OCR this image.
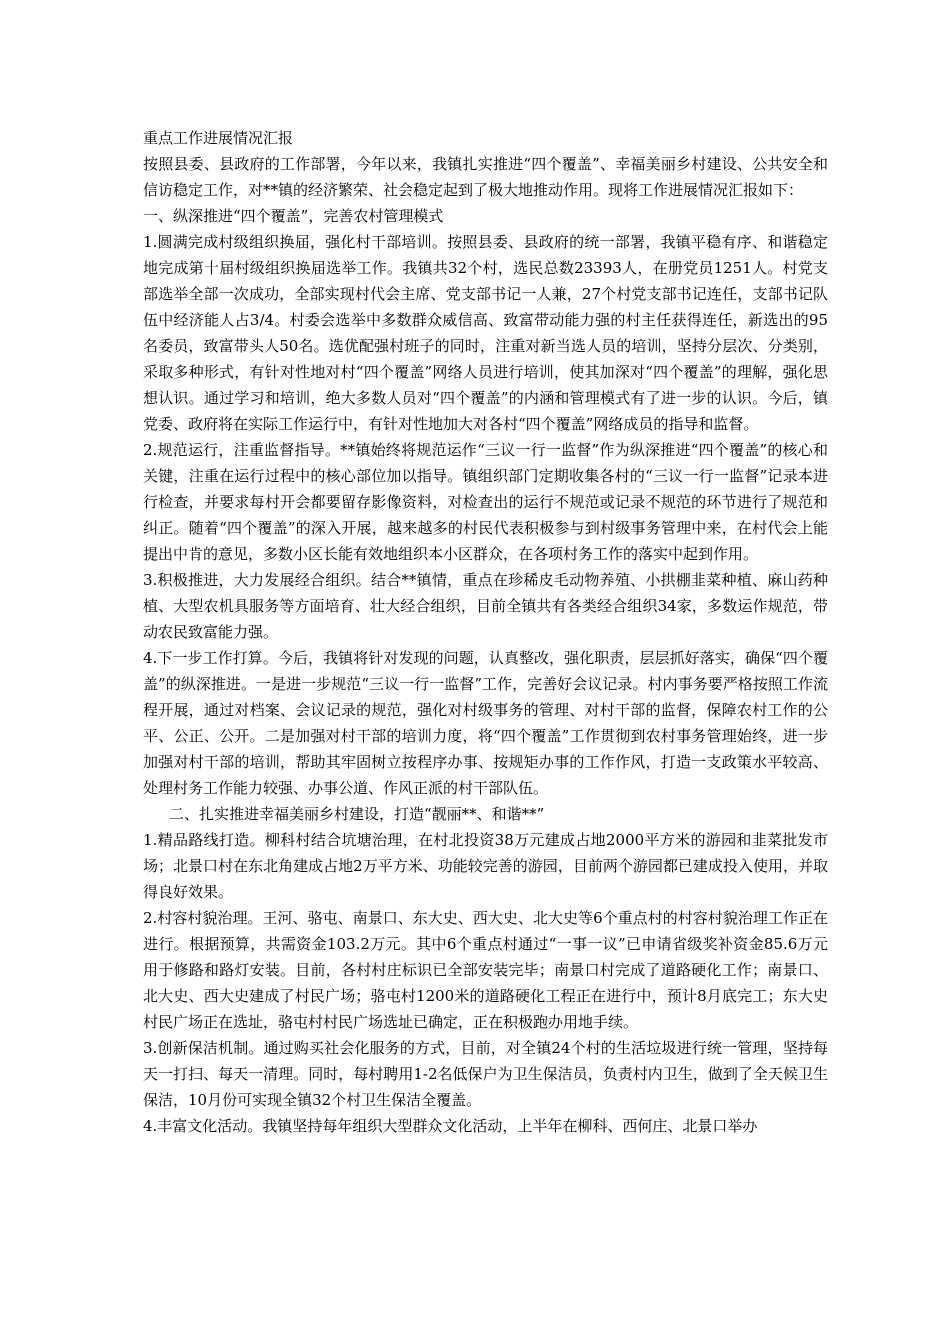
重点工作进展情况汇报

按照县委、县政府的工作部署，今年以来，我镇扎实推进“四个覆盖”、幸福美丽乡村建设、公共安全和信访稳定工作，对**镇的经济繁荣、社会稳定起到了极大地推动作用。现将工作进展情况汇报如下：

一、纵深推进“四个覆盖”，完善农村管理模式

1.圆满完成村级组织换届，强化村干部培训。按照县委、县政府的统一部署，我镇平稳有序、和谐稳定地完成第十届村级组织换届选举工作。我镇共32个村，选民总数23393人，在册党员1251人。村党支部选举全部一次成功，全部实现村代会主席、党支部书记一人兼，27个村党支部书记连任，支部书记队伍中经济能人占3/4。村委会选举中多数群众威信高、致富带动能力强的村主任获得连任，新选出的95名委员，致富带头人50名。选优配强村班子的同时，注重对新当选人员的培训，坚持分层次、分类别，采取多种形式，有针对性地对村“四个覆盖”网络人员进行培训，使其加深对“四个覆盖”的理解，强化思想认识。通过学习和培训，绝大多数人员对“四个覆盖”的内涵和管理模式有了进一步的认识。今后，镇党委、政府将在实际工作运行中，有针对性地加大对各村“四个覆盖”网络成员的指导和监督。

2.规范运行，注重监督指导。**镇始终将规范运作“三议一行一监督”作为纵深推进“四个覆盖”的核心和关键，注重在运行过程中的核心部位加以指导。镇组织部门定期收集各村的“三议一行一监督”记录本进行检查，并要求每村开会都要留存影像资料，对检查出的运行不规范或记录不规范的环节进行了规范和纠正。随着“四个覆盖”的深入开展，越来越多的村民代表积极参与到村级事务管理中来，在村代会上能提出中肯的意见，多数小区长能有效地组织本小区群众，在各项村务工作的落实中起到作用。

3.积极推进，大力发展经合组织。结合**镇情，重点在珍稀皮毛动物养殖、小拱棚韭菜种植、麻山药种植、大型农机具服务等方面培育、壮大经合组织，目前全镇共有各类经合组织34家，多数运作规范，带动农民致富能力强。

4.下一步工作打算。今后，我镇将针对发现的问题，认真整改，强化职责，层层抓好落实，确保“四个覆盖”的纵深推进。一是进一步规范“三议一行一监督”工作，完善好会议记录。村内事务要严格按照工作流程开展，通过对档案、会议记录的规范，强化对村级事务的管理、对村干部的监督，保障农村工作的公平、公正、公开。二是加强对村干部的培训力度，将“四个覆盖”工作贯彻到农村事务管理始终，进一步加强对村干部的培训，帮助其牢固树立按程序办事、按规矩办事的工作作风，打造一支政策水平较高、处理村务工作能力较强、办事公道、作风正派的村干部队伍。

二、扎实推进幸福美丽乡村建设，打造“靓丽**、和谐**”

1.精品路线打造。柳科村结合坑塘治理，在村北投资38万元建成占地2000平方米的游园和韭菜批发市场；北景口村在东北角建成占地2万平方米、功能较完善的游园，目前两个游园都已建成投入使用，并取得良好效果。

2.村容村貌治理。王河、骆屯、南景口、东大史、西大史、北大史等6个重点村的村容村貌治理工作正在进行。根据预算，共需资金103.2万元。其中6个重点村通过“一事一议”已申请省级奖补资金85.6万元用于修路和路灯安装。目前，各村村庄标识已全部安装完毕；南景口村完成了道路硬化工作；南景口、北大史、西大史建成了村民广场；骆屯村1200米的道路硬化工程正在进行中，预计8月底完工；东大史村民广场正在选址，骆屯村村民广场选址已确定，正在积极跑办用地手续。

3.创新保洁机制。通过购买社会化服务的方式，目前，对全镇24个村的生活垃圾进行统一管理，坚持每天一打扫、每天一清理。同时，每村聘用1-2名低保户为卫生保洁员，负责村内卫生，做到了全天候卫生保洁，10月份可实现全镇32个村卫生保洁全覆盖。

4.丰富文化活动。我镇坚持每年组织大型群众文化活动，上半年在柳科、西何庄、北景口举办
